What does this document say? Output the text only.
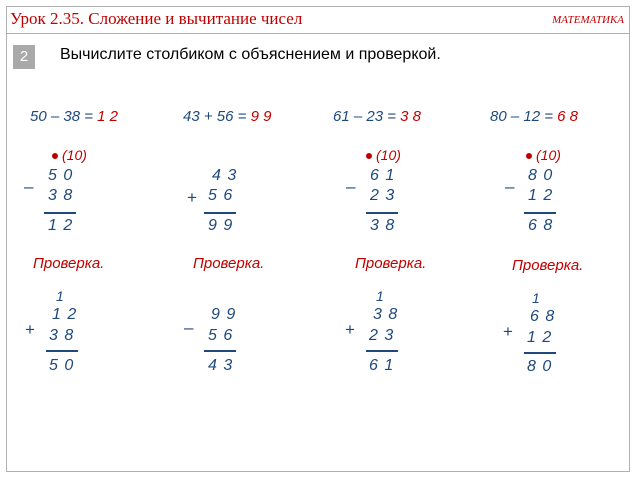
Урок 2.35. Сложение и вычитание чисел	МАТЕМАТИКА
2	Вычислите столбиком с объяснением и проверкой.
50 – 38 = 1 2	43 + 56 = 9 9	61 – 23 = 3 8	80 – 12 = 6 8
(10)
–
5 0
3 8
1 2
+
4 3
5 6
9 9
(10)
–
6 1
2 3
3 8
(10)
–
8 0
1 2
6 8
Проверка.	Проверка.	Проверка.	Проверка.
1
+
1 2
3 8
5 0
–
9 9
5 6
4 3
1
+
3 8
2 3
6 1
1
+
6 8
1 2
8 0
